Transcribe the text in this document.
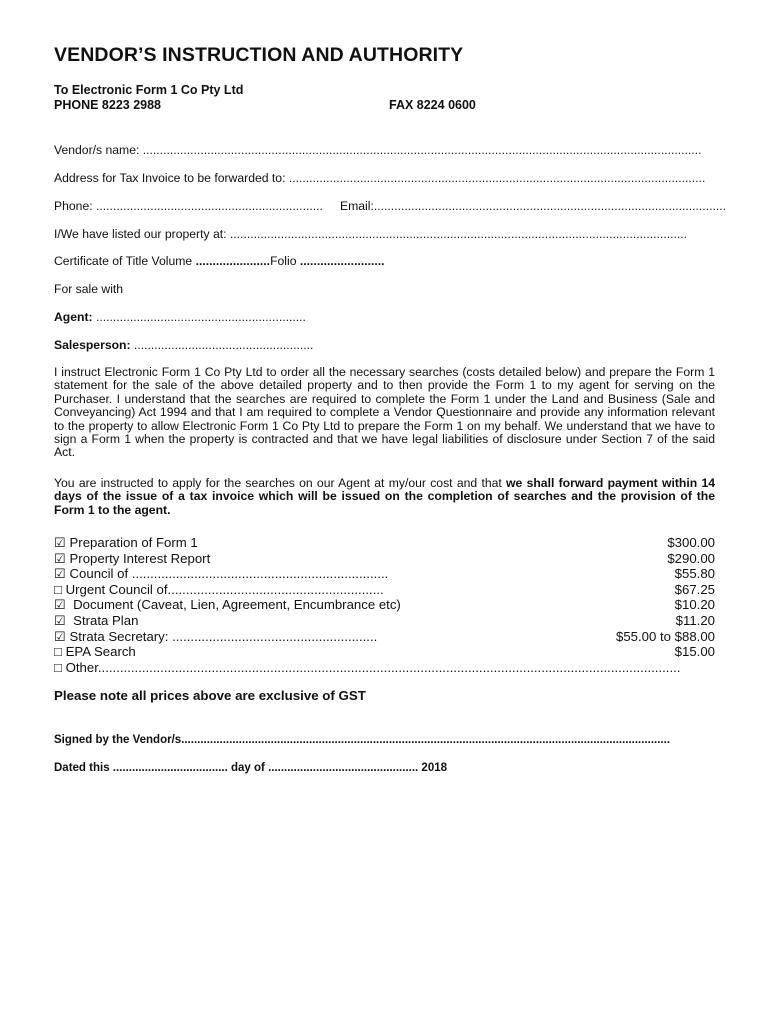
VENDOR’S INSTRUCTION AND AUTHORITY
To Electronic Form 1 Co Pty Ltd
PHONE 8223 2988	FAX 8224 0600
Vendor/s name: .....................................................................................................................................................................
Address for Tax Invoice to be forwarded to: ...........................................................................................................................
Phone: ................................................................... Email:........................................................................................................
I/We have listed our property at: .......................................................................................................................................
Certificate of Title Volume ......................Folio .........................
For sale with
Agent: ..............................................................
Salesperson: .....................................................
I instruct Electronic Form 1 Co Pty Ltd to order all the necessary searches (costs detailed below) and prepare the Form 1 statement for the sale of the above detailed property and to then provide the Form 1 to my agent for serving on the Purchaser. I understand that the searches are required to complete the Form 1 under the Land and Business (Sale and Conveyancing) Act 1994 and that I am required to complete a Vendor Questionnaire and provide any information relevant to the property to allow Electronic Form 1 Co Pty Ltd to prepare the Form 1 on my behalf. We understand that we have to sign a Form 1 when the property is contracted and that we have legal liabilities of disclosure under Section 7 of the said Act.
You are instructed to apply for the searches on our Agent at my/our cost and that we shall forward payment within 14 days of the issue of a tax invoice which will be issued on the completion of searches and the provision of the Form 1 to the agent.
☑ Preparation of Form 1	$300.00
☑ Property Interest Report	$290.00
☑ Council of ......................................................................	$55.80
□ Urgent Council of...........................................................	$67.25
☑  Document (Caveat, Lien, Agreement, Encumbrance etc)	$10.20
☑  Strata Plan	$11.20
☑ Strata Secretary: ........................................................	$55.00 to $88.00
□ EPA Search	$15.00
□ Other...............................................................................................................................................................
Please note all prices above are exclusive of GST
Signed by the Vendor/s.........................................................................................................................................................
Dated this .................................... day of ............................................... 2018
